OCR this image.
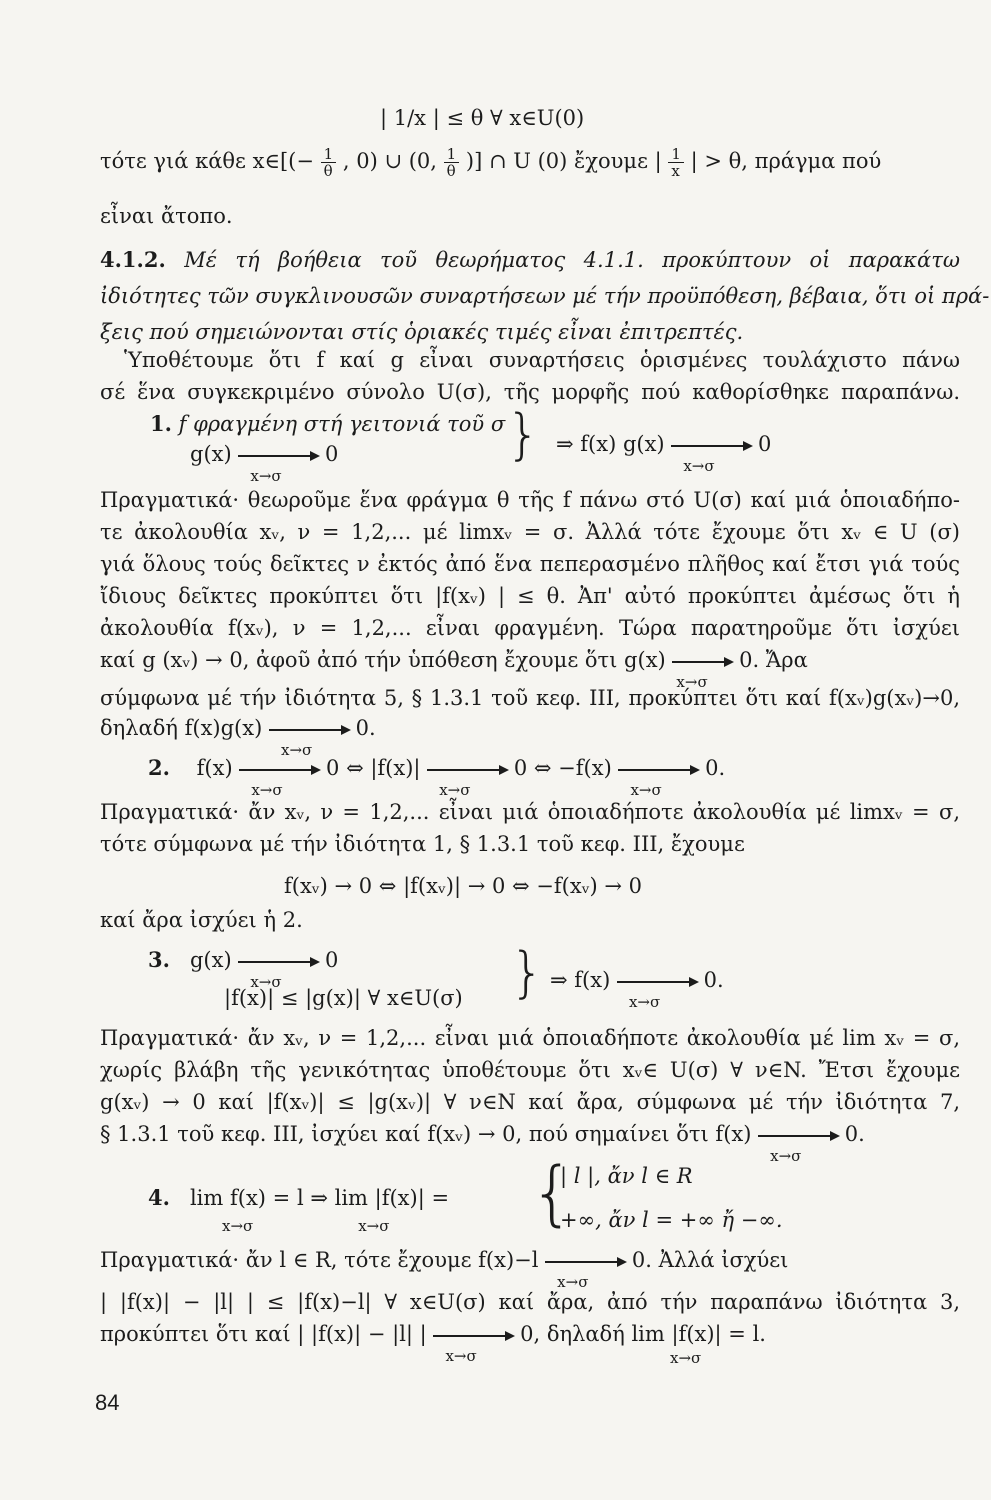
| 1/x | ≤ θ ∀ x∈U(0)
τότε γιά κάθε x∈[(− $\frac{1}{\theta}$ , 0) ∪ (0, $\frac{1}{\theta}$ )] ∩ U (0) ἔχουμε | $\frac{1}{x}$ | > θ, πράγμα πού
εἶναι ἄτοπο.
4.1.2. Μέ τή βοήθεια τοῦ θεωρήματος 4.1.1. προκύπτουν οἱ παρακάτω
ἰδιότητες τῶν συγκλινουσῶν συναρτήσεων μέ τήν προϋπόθεση, βέβαια, ὅτι οἱ πρά-
ξεις πού σημειώνονται στίς ὁριακές τιμές εἶναι ἐπιτρεπτές.
Ὑποθέτουμε ὅτι f καί g εἶναι συναρτήσεις ὁρισμένες τουλάχιστο πάνω
σέ ἕνα συγκεκριμένο σύνολο U(σ), τῆς μορφῆς πού καθορίσθηκε παραπάνω.
1. f φραγμένη στή γειτονιά τοῦ σ
g(x)
x→σ
0	} ⇒ f(x) g(x)
x→σ
0
Πραγματικά· θεωροῦμε ἕνα φράγμα θ τῆς f πάνω στό U(σ) καί μιά ὁποιαδήπο-
τε ἀκολουθία xᵥ, ν = 1,2,... μέ limxᵥ = σ. Ἀλλά τότε ἔχουμε ὅτι xᵥ ∈ U (σ)
γιά ὅλους τούς δεῖκτες ν ἐκτός ἀπό ἕνα πεπερασμένο πλῆθος καί ἔτσι γιά τούς
ἴδιους δεῖκτες προκύπτει ὅτι |f(xᵥ) | ≤ θ. Ἀπ' αὐτό προκύπτει ἀμέσως ὅτι ἡ
ἀκολουθία f(xᵥ), ν = 1,2,... εἶναι φραγμένη. Τώρα παρατηροῦμε ὅτι ἰσχύει
καί g (xᵥ) → 0, ἀφοῦ ἀπό τήν ὑπόθεση ἔχουμε ὅτι g(x)
x→σ
0. Ἄρα
σύμφωνα μέ τήν ἰδιότητα 5, § 1.3.1 τοῦ κεφ. III, προκύπτει ὅτι καί f(xᵥ)g(xᵥ)→0,
δηλαδή f(x)g(x)
x→σ
0.
2. f(x)
x→σ
0 ⇔ |f(x)|
x→σ
0 ⇔ −f(x)
x→σ
0.
Πραγματικά· ἄν xᵥ, ν = 1,2,... εἶναι μιά ὁποιαδήποτε ἀκολουθία μέ limxᵥ = σ,
τότε σύμφωνα μέ τήν ἰδιότητα 1, § 1.3.1 τοῦ κεφ. III, ἔχουμε
f(xᵥ) → 0 ⇔ |f(xᵥ)| → 0 ⇔ −f(xᵥ) → 0
καί ἄρα ἰσχύει ἡ 2.
3. g(x)
x→σ
0
|f(x)| ≤ |g(x)| ∀ x∈U(σ) } ⇒ f(x)
x→σ
0.
Πραγματικά· ἄν xᵥ, ν = 1,2,... εἶναι μιά ὁποιαδήποτε ἀκολουθία μέ lim xᵥ = σ,
χωρίς βλάβη τῆς γενικότητας ὑποθέτουμε ὅτι xᵥ∈ U(σ) ∀ ν∈N. Ἔτσι ἔχουμε
g(xᵥ) → 0 καί |f(xᵥ)| ≤ |g(xᵥ)| ∀ ν∈N καί ἄρα, σύμφωνα μέ τήν ἰδιότητα 7,
§ 1.3.1 τοῦ κεφ. III, ἰσχύει καί f(xᵥ) → 0, πού σημαίνει ὅτι f(x)
x→σ
0.
| l |, ἄν l ∈ R
4. lim f(x) = l ⇒ lim |f(x)| =
x→σ	x→σ	{
+∞, ἄν l = +∞ ἤ −∞.
Πραγματικά· ἄν l ∈ R, τότε ἔχουμε f(x)−l
x→σ
0. Ἀλλά ἰσχύει
| |f(x)| − |l| | ≤ |f(x)−l| ∀ x∈U(σ) καί ἄρα, ἀπό τήν παραπάνω ἰδιότητα 3,
προκύπτει ὅτι καί | |f(x)| − |l| |
x→σ
0, δηλαδή lim |f(x)| = l.
x→σ
84
